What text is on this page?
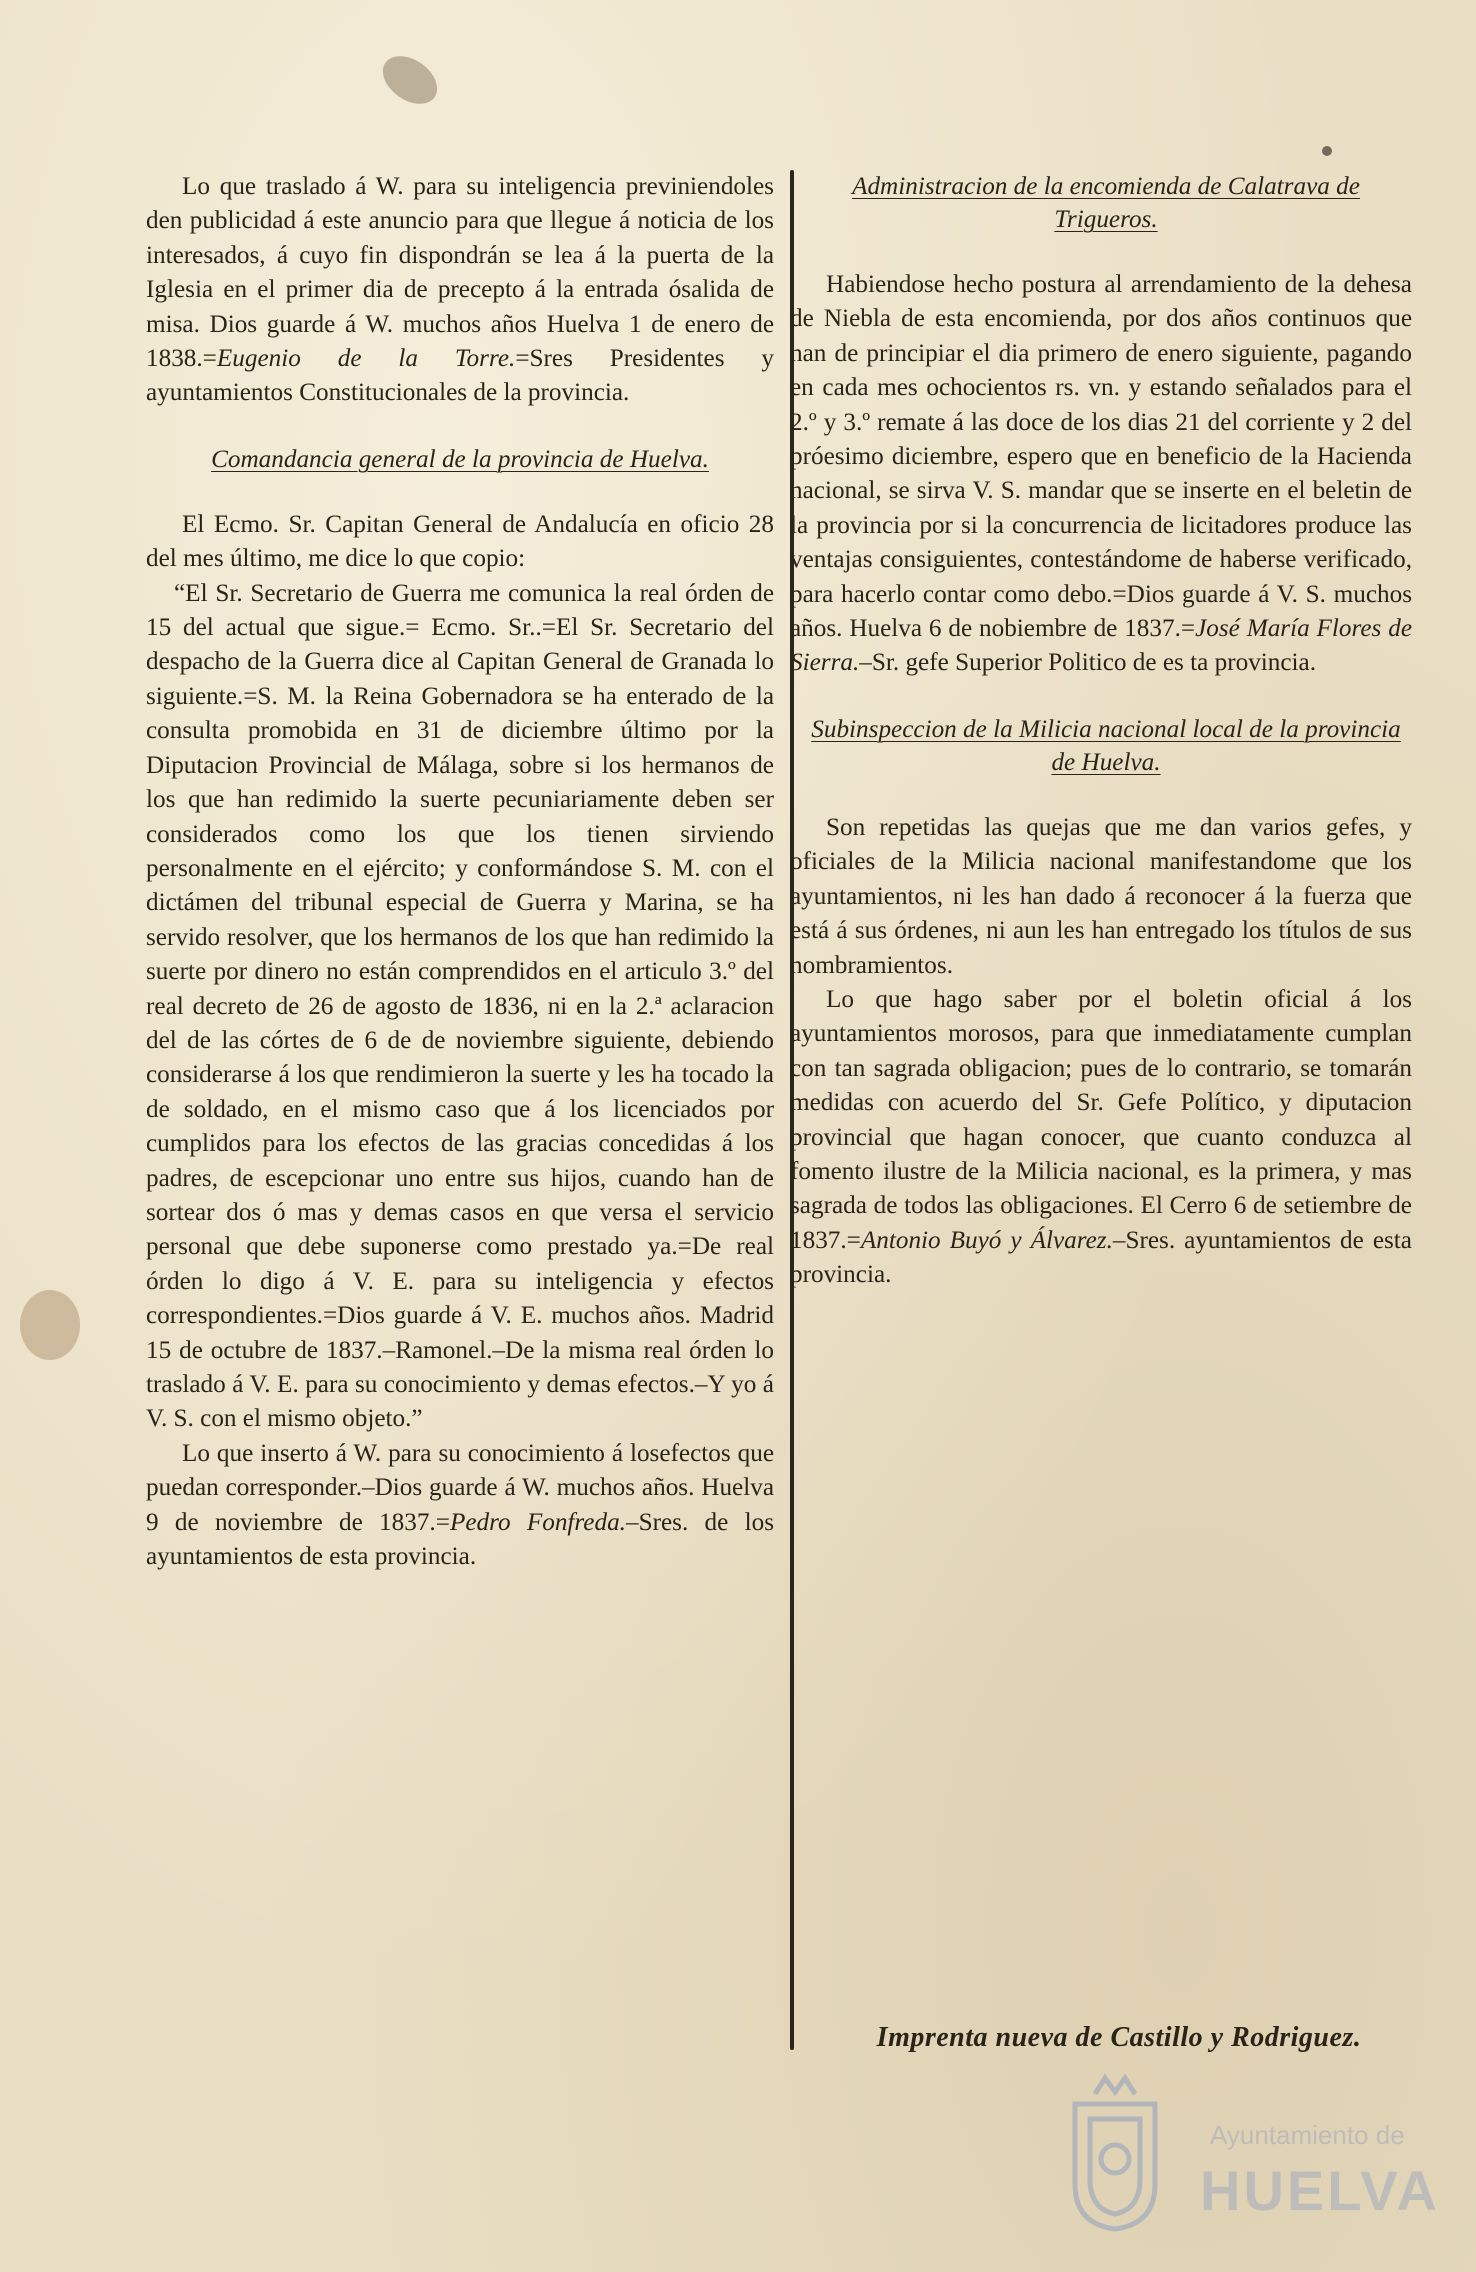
Lo que traslado á W. para su inteligencia previniendoles den publicidad á este anuncio para que llegue á noticia de los interesados, á cuyo fin dispondrán se lea á la puerta de la Iglesia en el primer dia de precepto á la entrada ósalida de misa. Dios guarde á W. muchos años Huelva 1 de enero de 1838.=Eugenio de la Torre.=Sres Presidentes y ayuntamientos Constitucionales de la provincia.

Comandancia general de la provincia de Huelva.

El Ecmo. Sr. Capitan General de Andalucía en oficio 28 del mes último, me dice lo que copio:

“El Sr. Secretario de Guerra me comunica la real órden de 15 del actual que sigue.= Ecmo. Sr..=El Sr. Secretario del despacho de la Guerra dice al Capitan General de Granada lo siguiente.=S. M. la Reina Gobernadora se ha enterado de la consulta promobida en 31 de diciembre último por la Diputacion Provincial de Málaga, sobre si los hermanos de los que han redimido la suerte pecuniariamente deben ser considerados como los que los tienen sirviendo personalmente en el ejército; y conformándose S. M. con el dictámen del tribunal especial de Guerra y Marina, se ha servido resolver, que los hermanos de los que han redimido la suerte por dinero no están comprendidos en el articulo 3.º del real decreto de 26 de agosto de 1836, ni en la 2.ª aclaracion del de las córtes de 6 de de noviembre siguiente, debiendo considerarse á los que rendimieron la suerte y les ha tocado la de soldado, en el mismo caso que á los licenciados por cumplidos para los efectos de las gracias concedidas á los padres, de escepcionar uno entre sus hijos, cuando han de sortear dos ó mas y demas casos en que versa el servicio personal que debe suponerse como prestado ya.=De real órden lo digo á V. E. para su inteligencia y efectos correspondientes.=Dios guarde á V. E. muchos años. Madrid 15 de octubre de 1837.–Ramonel.–De la misma real órden lo traslado á V. E. para su conocimiento y demas efectos.–Y yo á V. S. con el mismo objeto.”

Lo que inserto á W. para su conocimiento á losefectos que puedan corresponder.–Dios guarde á W. muchos años. Huelva 9 de noviembre de 1837.=Pedro Fonfreda.–Sres. de los ayuntamientos de esta provincia.

Administracion de la encomienda de Calatrava de Trigueros.

Habiendose hecho postura al arrendamiento de la dehesa de Niebla de esta encomienda, por dos años continuos que han de principiar el dia primero de enero siguiente, pagando en cada mes ochocientos rs. vn. y estando señalados para el 2.º y 3.º remate á las doce de los dias 21 del corriente y 2 del próesimo diciembre, espero que en beneficio de la Hacienda nacional, se sirva V. S. mandar que se inserte en el beletin de la provincia por si la concurrencia de licitadores produce las ventajas consiguientes, contestándome de haberse verificado, para hacerlo contar como debo.=Dios guarde á V. S. muchos años. Huelva 6 de nobiembre de 1837.=José María Flores de Sierra.–Sr. gefe Superior Politico de es ta provincia.

Subinspeccion de la Milicia nacional local de la provincia de Huelva.

Son repetidas las quejas que me dan varios gefes, y oficiales de la Milicia nacional manifestandome que los ayuntamientos, ni les han dado á reconocer á la fuerza que está á sus órdenes, ni aun les han entregado los títulos de sus nombramientos.

Lo que hago saber por el boletin oficial á los ayuntamientos morosos, para que inmediatamente cumplan con tan sagrada obligacion; pues de lo contrario, se tomarán medidas con acuerdo del Sr. Gefe Político, y diputacion provincial que hagan conocer, que cuanto conduzca al fomento ilustre de la Milicia nacional, es la primera, y mas sagrada de todos las obligaciones. El Cerro 6 de setiembre de 1837.=Antonio Buyó y Álvarez.–Sres. ayuntamientos de esta provincia.

Imprenta nueva de Castillo y Rodriguez.
Ayuntamiento de
HUELVA
